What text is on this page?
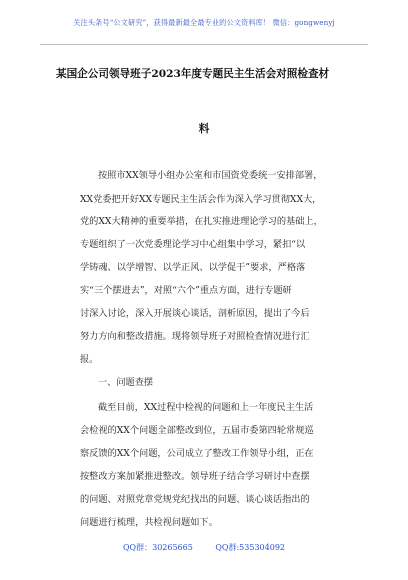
关注头条号“公文研究”，获得最新最全最专业的公文资料库！ 微信：gongwenyj
某国企公司领导班子2023年度专题民主生活会对照检查材
料
按照市XX领导小组办公室和市国资党委统一安排部署，
XX党委把开好XX专题民主生活会作为深入学习贯彻XX大，
党的XX大精神的重要举措，在扎实推进理论学习的基础上，
专题组织了一次党委理论学习中心组集中学习，紧扣“以
学铸魂、以学增智、以学正风、以学促干”要求，严格落
实“三个摆进去”，对照“六个”重点方面，进行专题研
讨深入讨论，深入开展谈心谈话，剖析原因，提出了今后
努力方向和整改措施。现将领导班子对照检查情况进行汇
报。
一、问题查摆
截至目前，XX过程中检视的问题和上一年度民主生活
会检视的XX个问题全部整改到位，五届市委第四轮常规巡
察反馈的XX个问题，公司成立了整改工作领导小组，正在
按整改方案加紧推进整改。领导班子结合学习研讨中查摆
的问题、对照党章党规党纪找出的问题、谈心谈话指出的
问题进行梳理，共检视问题如下。
QQ群：30265665	QQ群:535304092
